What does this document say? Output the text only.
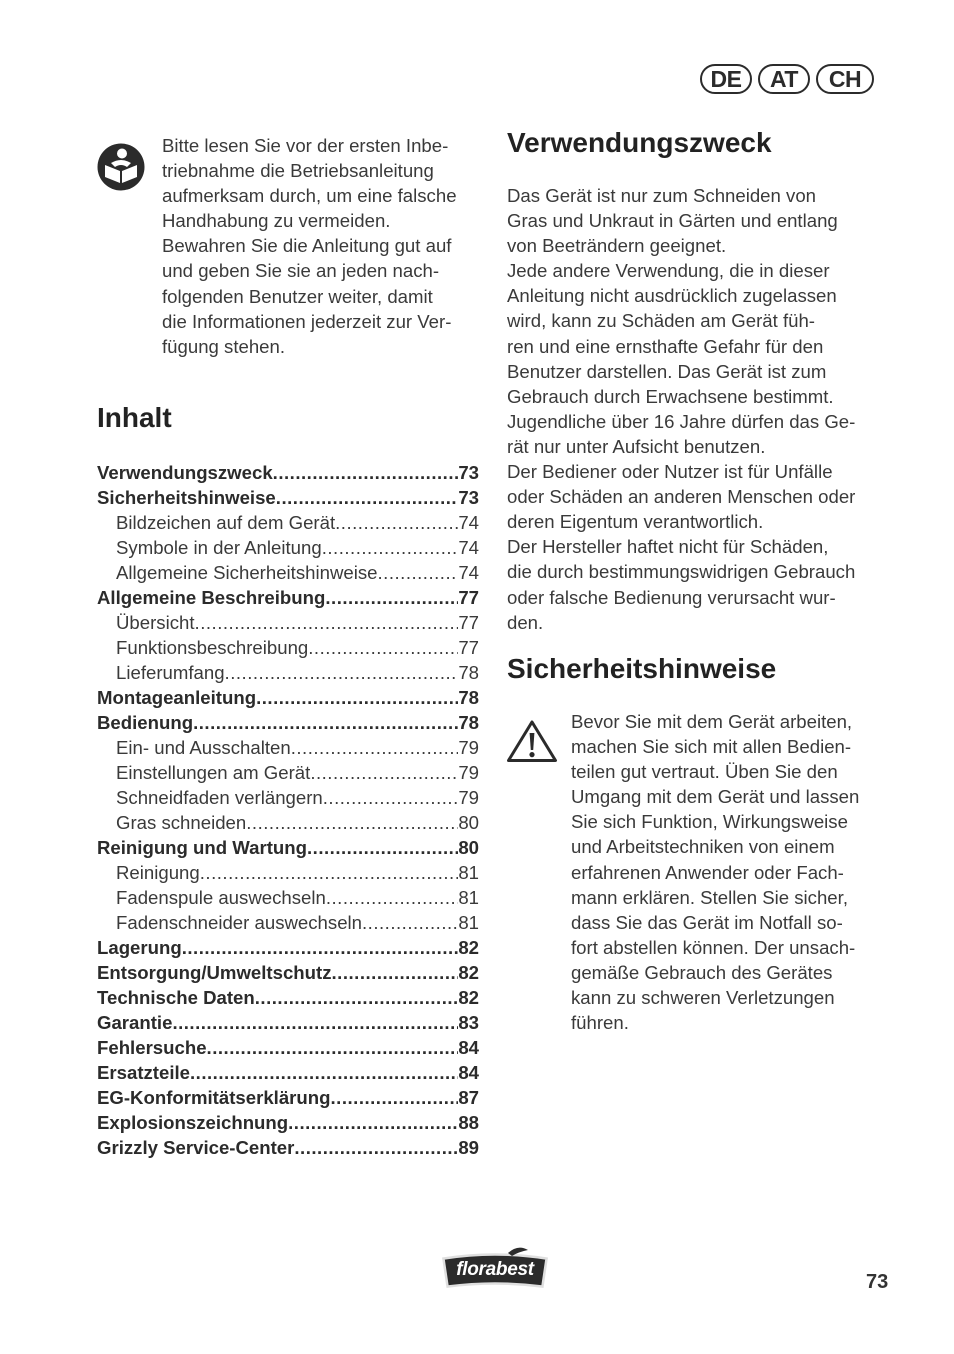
DE	AT	CH
Bitte lesen Sie vor der ersten Inbe-
triebnahme die Betriebsanleitung
aufmerksam durch, um eine falsche
Handhabung zu vermeiden.
Bewahren Sie die Anleitung gut auf
und geben Sie sie an jeden nach-
folgenden Benutzer weiter, damit
die Informationen jederzeit zur Ver-
fügung stehen.
Inhalt
Verwendungszweck .....	73
Sicherheitshinweise .....	73
Bildzeichen auf dem Gerät .....	74
Symbole in der Anleitung .....	74
Allgemeine Sicherheitshinweise .....	74
Allgemeine Beschreibung .....	77
Übersicht .....	77
Funktionsbeschreibung .....	77
Lieferumfang .....	78
Montageanleitung .....	78
Bedienung .....	78
Ein- und Ausschalten .....	79
Einstellungen am Gerät .....	79
Schneidfaden verlängern .....	79
Gras schneiden .....	80
Reinigung und Wartung .....	80
Reinigung .....	81
Fadenspule auswechseln .....	81
Fadenschneider auswechseln .....	81
Lagerung .....	82
Entsorgung/Umweltschutz .....	82
Technische Daten .....	82
Garantie .....	83
Fehlersuche .....	84
Ersatzteile .....	84
EG-Konformitätserklärung .....	87
Explosionszeichnung .....	88
Grizzly Service-Center .....	89
Verwendungszweck
Das Gerät ist nur zum Schneiden von
Gras und Unkraut in Gärten und entlang
von Beeträndern geeignet.
Jede andere Verwendung, die in dieser
Anleitung nicht ausdrücklich zugelassen
wird, kann zu Schäden am Gerät füh-
ren und eine ernsthafte Gefahr für den
Benutzer darstellen. Das Gerät ist zum
Gebrauch durch Erwachsene bestimmt.
Jugendliche über 16 Jahre dürfen das Ge-
rät nur unter Aufsicht benutzen.
Der Bediener oder Nutzer ist für Unfälle
oder Schäden an anderen Menschen oder
deren Eigentum verantwortlich.
Der Hersteller haftet nicht für Schäden,
die durch bestimmungswidrigen Gebrauch
oder falsche Bedienung verursacht wur-
den.
Sicherheitshinweise
Bevor Sie mit dem Gerät arbeiten,
machen Sie sich mit allen Bedien-
teilen gut vertraut. Üben Sie den
Umgang mit dem Gerät und lassen
Sie sich Funktion, Wirkungsweise
und Arbeitstechniken von einem
erfahrenen Anwender oder Fach-
mann erklären. Stellen Sie sicher,
dass Sie das Gerät im Notfall so-
fort abstellen können. Der unsach-
gemäße Gebrauch des Gerätes
kann zu schweren Verletzungen
führen.
florabest
73
